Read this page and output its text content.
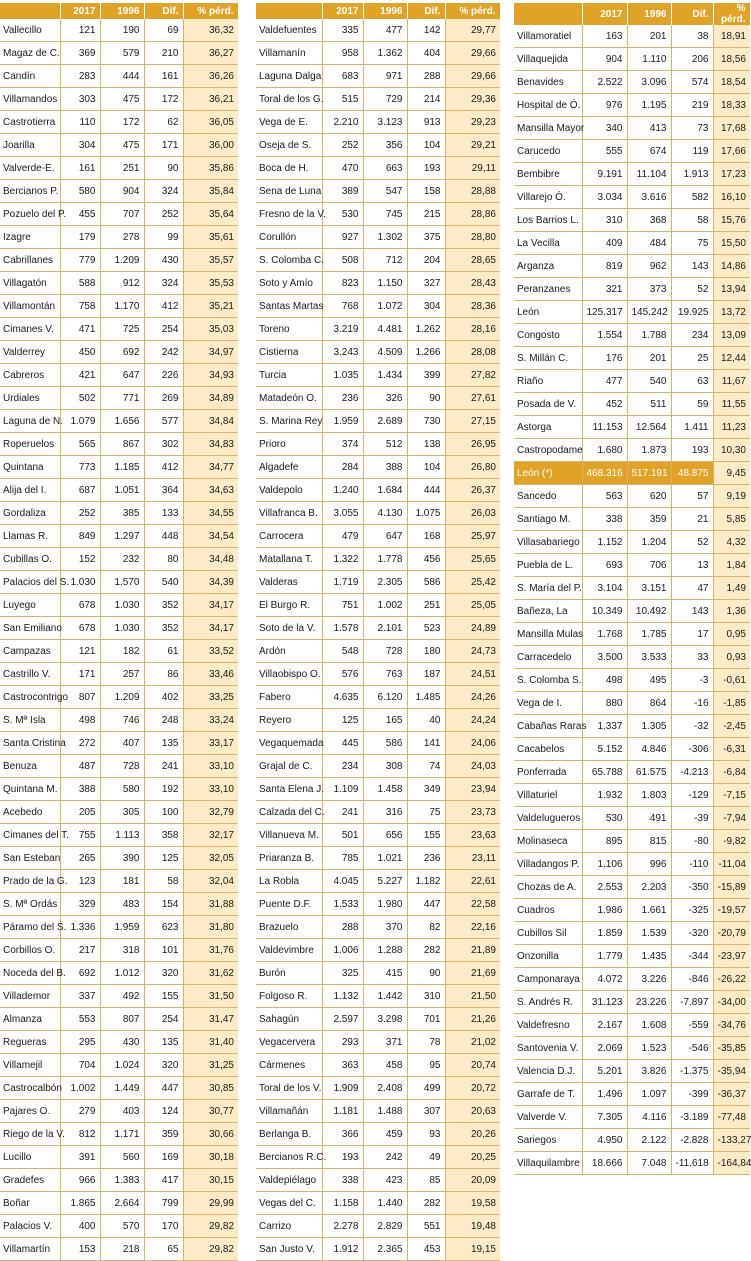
	2017	1996	Dif.	% pérd.
Vallecillo	121	190	69	36,32
Magaz de C.	369	579	210	36,27
Candín	283	444	161	36,26
Villamandos	303	475	172	36,21
Castrotierra	110	172	62	36,05
Joarilla	304	475	171	36,00
Valverde-E.	161	251	90	35,86
Bercianos P.	580	904	324	35,84
Pozuelo del P.	455	707	252	35,64
Izagre	179	278	99	35,61
Cabrillanes	779	1.209	430	35,57
Villagatón	588	912	324	35,53
Villamontán	758	1.170	412	35,21
Cimanes V.	471	725	254	35,03
Valderrey	450	692	242	34,97
Cabreros	421	647	226	34,93
Urdiales	502	771	269	34,89
Laguna de N.	1.079	1.656	577	34,84
Roperuelos	565	867	302	34,83
Quintana	773	1.185	412	34,77
Alija del I.	687	1.051	364	34,63
Gordaliza	252	385	133	34,55
Llamas R.	849	1.297	448	34,54
Cubillas O.	152	232	80	34,48
Palacios del S.	1.030	1.570	540	34,39
Luyego	678	1.030	352	34,17
San Emiliano	678	1.030	352	34,17
Campazas	121	182	61	33,52
Castrillo V.	171	257	86	33,46
Castrocontrigo	807	1.209	402	33,25
S. Mª Isla	498	746	248	33,24
Santa Cristina	272	407	135	33,17
Benuza	487	728	241	33,10
Quintana M.	388	580	192	33,10
Acebedo	205	305	100	32,79
Cimanes del T.	755	1.113	358	32,17
San Esteban	265	390	125	32,05
Prado de la G.	123	181	58	32,04
S. Mª Ordás	329	483	154	31,88
Páramo del S.	1.336	1.959	623	31,80
Corbillos O.	217	318	101	31,76
Noceda del B.	692	1.012	320	31,62
Villademor	337	492	155	31,50
Almanza	553	807	254	31,47
Regueras	295	430	135	31,40
Villamejil	704	1.024	320	31,25
Castrocalbón	1.002	1.449	447	30,85
Pajares O.	279	403	124	30,77
Riego de la V.	812	1.171	359	30,66
Lucillo	391	560	169	30,18
Gradefes	966	1.383	417	30,15
Boñar	1.865	2.664	799	29,99
Palacios V.	400	570	170	29,82
Villamartín	153	218	65	29,82
	2017	1996	Dif.	% pérd.
Valdefuentes	335	477	142	29,77
Villamanín	958	1.362	404	29,66
Laguna Dalga	683	971	288	29,66
Toral de los G.	515	729	214	29,36
Vega de E.	2.210	3.123	913	29,23
Oseja de S.	252	356	104	29,21
Boca de H.	470	663	193	29,11
Sena de Luna	389	547	158	28,88
Fresno de la V.	530	745	215	28,86
Corullón	927	1.302	375	28,80
S. Colomba C.	508	712	204	28,65
Soto y Amío	823	1.150	327	28,43
Santas Martas	768	1.072	304	28,36
Toreno	3.219	4.481	1.262	28,16
Cistierna	3.243	4.509	1.266	28,08
Turcia	1.035	1.434	399	27,82
Matadeón O.	236	326	90	27,61
S. Marina Rey	1.959	2.689	730	27,15
Prioro	374	512	138	26,95
Algadefe	284	388	104	26,80
Valdepolo	1.240	1.684	444	26,37
Villafranca B.	3.055	4.130	1.075	26,03
Carrocera	479	647	168	25,97
Matallana T.	1.322	1.778	456	25,65
Valderas	1.719	2.305	586	25,42
El Burgo R.	751	1.002	251	25,05
Soto de la V.	1.578	2.101	523	24,89
Ardón	548	728	180	24,73
Villaobispo O.	576	763	187	24,51
Fabero	4.635	6.120	1.485	24,26
Reyero	125	165	40	24,24
Vegaquemada	445	586	141	24,06
Grajal de C.	234	308	74	24,03
Santa Elena J.	1.109	1.458	349	23,94
Calzada del C.	241	316	75	23,73
Villanueva M.	501	656	155	23,63
Priaranza B.	785	1.021	236	23,11
La Robla	4.045	5.227	1.182	22,61
Puente D.F.	1.533	1.980	447	22,58
Brazuelo	288	370	82	22,16
Valdevimbre	1.006	1.288	282	21,89
Burón	325	415	90	21,69
Folgoso R.	1.132	1.442	310	21,50
Sahagún	2.597	3.298	701	21,26
Vegacervera	293	371	78	21,02
Cármenes	363	458	95	20,74
Toral de los V.	1.909	2.408	499	20,72
Villamañán	1.181	1.488	307	20,63
Berlanga B.	366	459	93	20,26
Bercianos R.C.	193	242	49	20,25
Valdepiélago	338	423	85	20,09
Vegas del C.	1.158	1.440	282	19,58
Carrizo	2.278	2.829	551	19,48
San Justo V.	1.912	2.365	453	19,15
	2017	1996	Dif.	% pérd.
Villamoratiel	163	201	38	18,91
Villaquejida	904	1.110	206	18,56
Benavides	2.522	3.096	574	18,54
Hospital de Ó.	976	1.195	219	18,33
Mansilla Mayor	340	413	73	17,68
Carucedo	555	674	119	17,66
Bembibre	9.191	11.104	1.913	17,23
Villarejo Ó.	3.034	3.616	582	16,10
Los Barrios L.	310	368	58	15,76
La Vecilla	409	484	75	15,50
Arganza	819	962	143	14,86
Peranzanes	321	373	52	13,94
León	125.317	145.242	19.925	13,72
Congosto	1.554	1.788	234	13,09
S. Millán C.	176	201	25	12,44
Riaño	477	540	63	11,67
Posada de V.	452	511	59	11,55
Astorga	11.153	12.564	1.411	11,23
Castropodame	1.680	1.873	193	10,30
León (*)	468.316	517.191	48.875	9,45
Sancedo	563	620	57	9,19
Santiago M.	338	359	21	5,85
Villasabariego	1.152	1.204	52	4,32
Puebla de L.	693	706	13	1,84
S. María del P.	3.104	3.151	47	1,49
Bañeza, La	10.349	10.492	143	1,36
Mansilla Mulas	1.768	1.785	17	0,95
Carracedelo	3.500	3.533	33	0,93
S. Colomba S.	498	495	-3	-0,61
Vega de I.	880	864	-16	-1,85
Cabañas Raras	1.337	1.305	-32	-2,45
Cacabelos	5.152	4.846	-306	-6,31
Ponferrada	65.788	61.575	-4.213	-6,84
Villaturiel	1.932	1.803	-129	-7,15
Valdelugueros	530	491	-39	-7,94
Molinaseca	895	815	-80	-9,82
Villadangos P.	1.106	996	-110	-11,04
Chozas de A.	2.553	2.203	-350	-15,89
Cuadros	1.986	1.661	-325	-19,57
Cubillos Sil	1.859	1.539	-320	-20,79
Onzonilla	1.779	1.435	-344	-23,97
Camponaraya	4.072	3.226	-846	-26,22
S. Andrés R.	31.123	23.226	-7.897	-34,00
Valdefresno	2.167	1.608	-559	-34,76
Santovenia V.	2.069	1.523	-546	-35,85
Valencia D.J.	5.201	3.826	-1.375	-35,94
Garrafe de T.	1.496	1.097	-399	-36,37
Valverde V.	7.305	4.116	-3.189	-77,48
Sariegos	4.950	2.122	-2.828	-133,27
Villaquilambre	18.666	7.048	-11.618	-164,84
